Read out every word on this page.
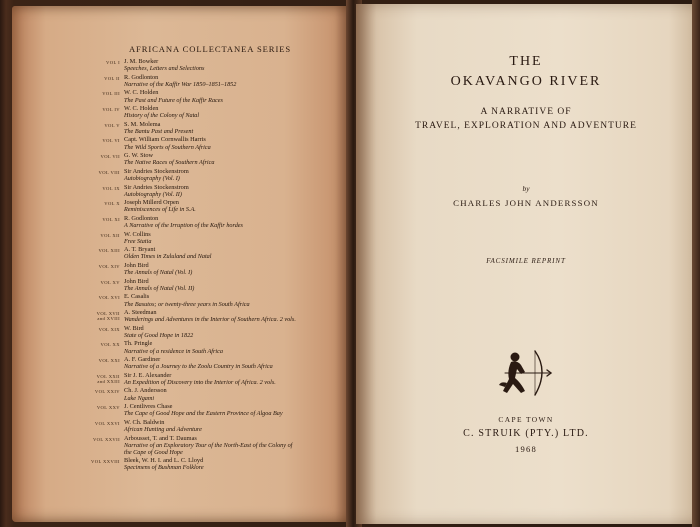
AFRICANA COLLECTANEA SERIES
VOL I J. M. Bowker
Speeches, Letters and Selections
VOL II R. Godlonton
Narrative of the Kaffir War 1850–1851–1852
VOL III W. C. Holden
The Past and Future of the Kaffir Races
VOL IV W. C. Holden
History of the Colony of Natal
VOL V S. M. Molema
The Bantu Past and Present
VOL VI Capt. William Cornwallis Harris
The Wild Sports of Southern Africa
VOL VII G. W. Stow
The Native Races of Southern Africa
VOL VIII Sir Andries Stockenstrom
Autobiography (Vol. I)
VOL IX Sir Andries Stockenstrom
Autobiography (Vol. II)
VOL X Joseph Millerd Orpen
Reminiscences of Life in S.A.
VOL XI R. Godlonton
A Narrative of the Irruption of the Kaffir hordes
VOL XII W. Collins
Free Statia
VOL XIII A. T. Bryant
Olden Times in Zululand and Natal
VOL XIV John Bird
The Annals of Natal (Vol. I)
VOL XV John Bird
The Annals of Natal (Vol. II)
VOL XVI E. Casalis
The Basutos; or twenty-three years in South Africa
VOL XVII
and XVIII
A. Steedman
Wanderings and Adventures in the Interior of Southern Africa. 2 vols.
VOL XIX W. Bird
State of Good Hope in 1822
VOL XX Th. Pringle
Narrative of a residence in South Africa
VOL XXI A. F. Gardiner
Narrative of a Journey to the Zoolu Country in South Africa
VOL XXII
and XXIII
Sir J. E. Alexander
An Expedition of Discovery into the Interior of Africa. 2 vols.
VOL XXIV Ch. J. Andersson
Lake Ngami
VOL XXV J. Centlivres Chase
The Cape of Good Hope and the Eastern Province of Algoa Bay
VOL XXVI W. Ch. Baldwin
African Hunting and Adventure
VOL XXVII Arbousset, T. and T. Daumas
Narrative of an Exploratory Tour of the North-East of the Colony of
the Cape of Good Hope
VOL XXVIII Bleek, W. H. I. and L. C. Lloyd
Specimens of Bushman Folklore
THE
OKAVANGO RIVER
A NARRATIVE OF
TRAVEL, EXPLORATION AND ADVENTURE
by
CHARLES JOHN ANDERSSON
FACSIMILE REPRINT
CAPE TOWN
C. STRUIK (PTY.) LTD.
1968
